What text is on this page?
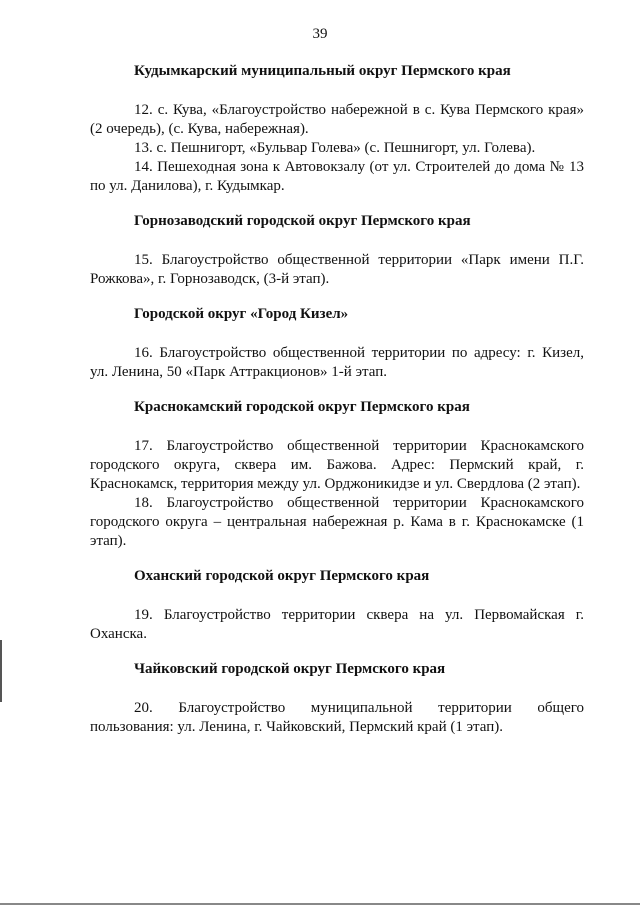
39
Кудымкарский муниципальный округ Пермского края

12. с. Кува, «Благоустройство набережной в с. Кува Пермского края» (2 очередь), (с. Кува, набережная).

13. с. Пешнигорт, «Бульвар Голева» (с. Пешнигорт, ул. Голева).

14. Пешеходная зона к Автовокзалу (от ул. Строителей до дома № 13 по ул. Данилова), г. Кудымкар.

Горнозаводский городской округ Пермского края

15. Благоустройство общественной территории «Парк имени П.Г. Рожкова», г. Горнозаводск, (3-й этап).

Городской округ «Город Кизел»

16. Благоустройство общественной территории по адресу: г. Кизел, ул. Ленина, 50 «Парк Аттракционов» 1-й этап.

Краснокамский городской округ Пермского края

17. Благоустройство общественной территории Краснокамского городского округа, сквера им. Бажова. Адрес: Пермский край, г. Краснокамск, территория между ул. Орджоникидзе и ул. Свердлова (2 этап).

18. Благоустройство общественной территории Краснокамского городского округа – центральная набережная р. Кама в г. Краснокамске (1 этап).

Оханский городской округ Пермского края

19. Благоустройство территории сквера на ул. Первомайская г. Оханска.

Чайковский городской округ Пермского края

20. Благоустройство муниципальной территории общего пользования: ул. Ленина, г. Чайковский, Пермский край (1 этап).
